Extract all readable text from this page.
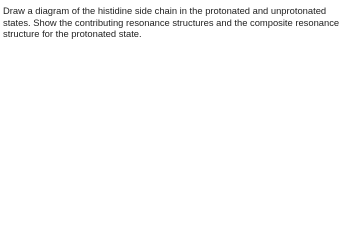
Draw a diagram of the histidine side chain in the protonated and unprotonated
states. Show the contributing resonance structures and the composite resonance
structure for the protonated state.
